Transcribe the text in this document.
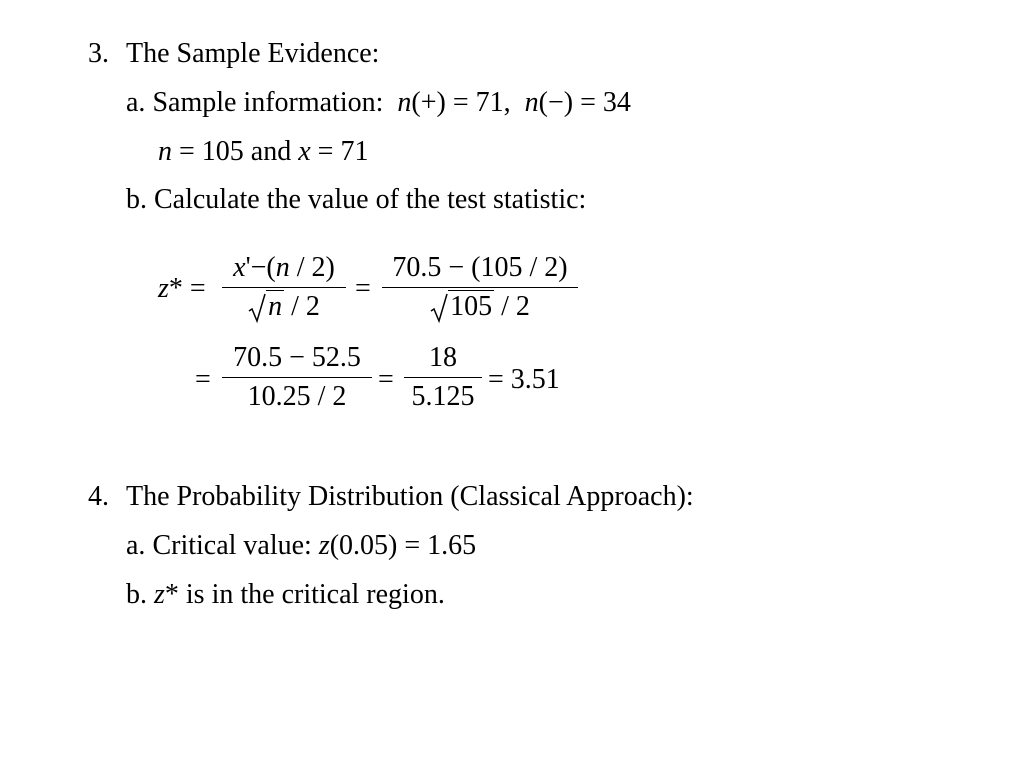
3. The Sample Evidence:
a. Sample information: n(+) = 71, n(−) = 34
n = 105 and x = 71
b. Calculate the value of the test statistic:
z* =
x'−(n / 2)
n / 2
=
70.5 − (105 / 2)
105 / 2
=
70.5 − 52.5
10.25 / 2
=
18
5.125
= 3.51
4. The Probability Distribution (Classical Approach):
a. Critical value: z(0.05) = 1.65
b. z* is in the critical region.
